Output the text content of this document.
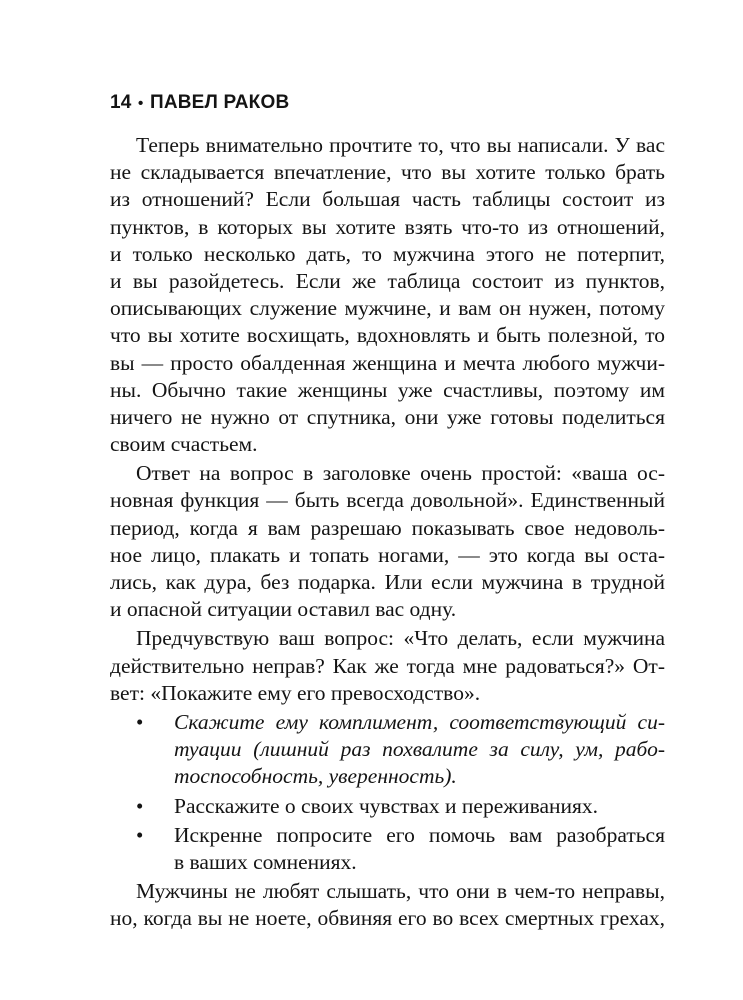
14 • ПАВЕЛ РАКОВ
Теперь внимательно прочтите то, что вы написали. У вас
не складывается впечатление, что вы хотите только брать
из отношений? Если большая часть таблицы состоит из
пунктов, в которых вы хотите взять что-то из отношений,
и только несколько дать, то мужчина этого не потерпит,
и вы разойдетесь. Если же таблица состоит из пунктов,
описывающих служение мужчине, и вам он нужен, потому
что вы хотите восхищать, вдохновлять и быть полезной, то
вы — просто обалденная женщина и мечта любого мужчи-
ны. Обычно такие женщины уже счастливы, поэтому им
ничего не нужно от спутника, они уже готовы поделиться
своим счастьем.
Ответ на вопрос в заголовке очень простой: «ваша ос-
новная функция — быть всегда довольной». Единственный
период, когда я вам разрешаю показывать свое недоволь-
ное лицо, плакать и топать ногами, — это когда вы оста-
лись, как дура, без подарка. Или если мужчина в трудной
и опасной ситуации оставил вас одну.
Предчувствую ваш вопрос: «Что делать, если мужчина
действительно неправ? Как же тогда мне радоваться?» От-
вет: «Покажите ему его превосходство».
•	Скажите ему комплимент, соответствующий си-
туации (лишний раз похвалите за силу, ум, рабо-
тоспособность, уверенность).
•	Расскажите о своих чувствах и переживаниях.
•	Искренне попросите его помочь вам разобраться
в ваших сомнениях.
Мужчины не любят слышать, что они в чем-то неправы,
но, когда вы не ноете, обвиняя его во всех смертных грехах,
